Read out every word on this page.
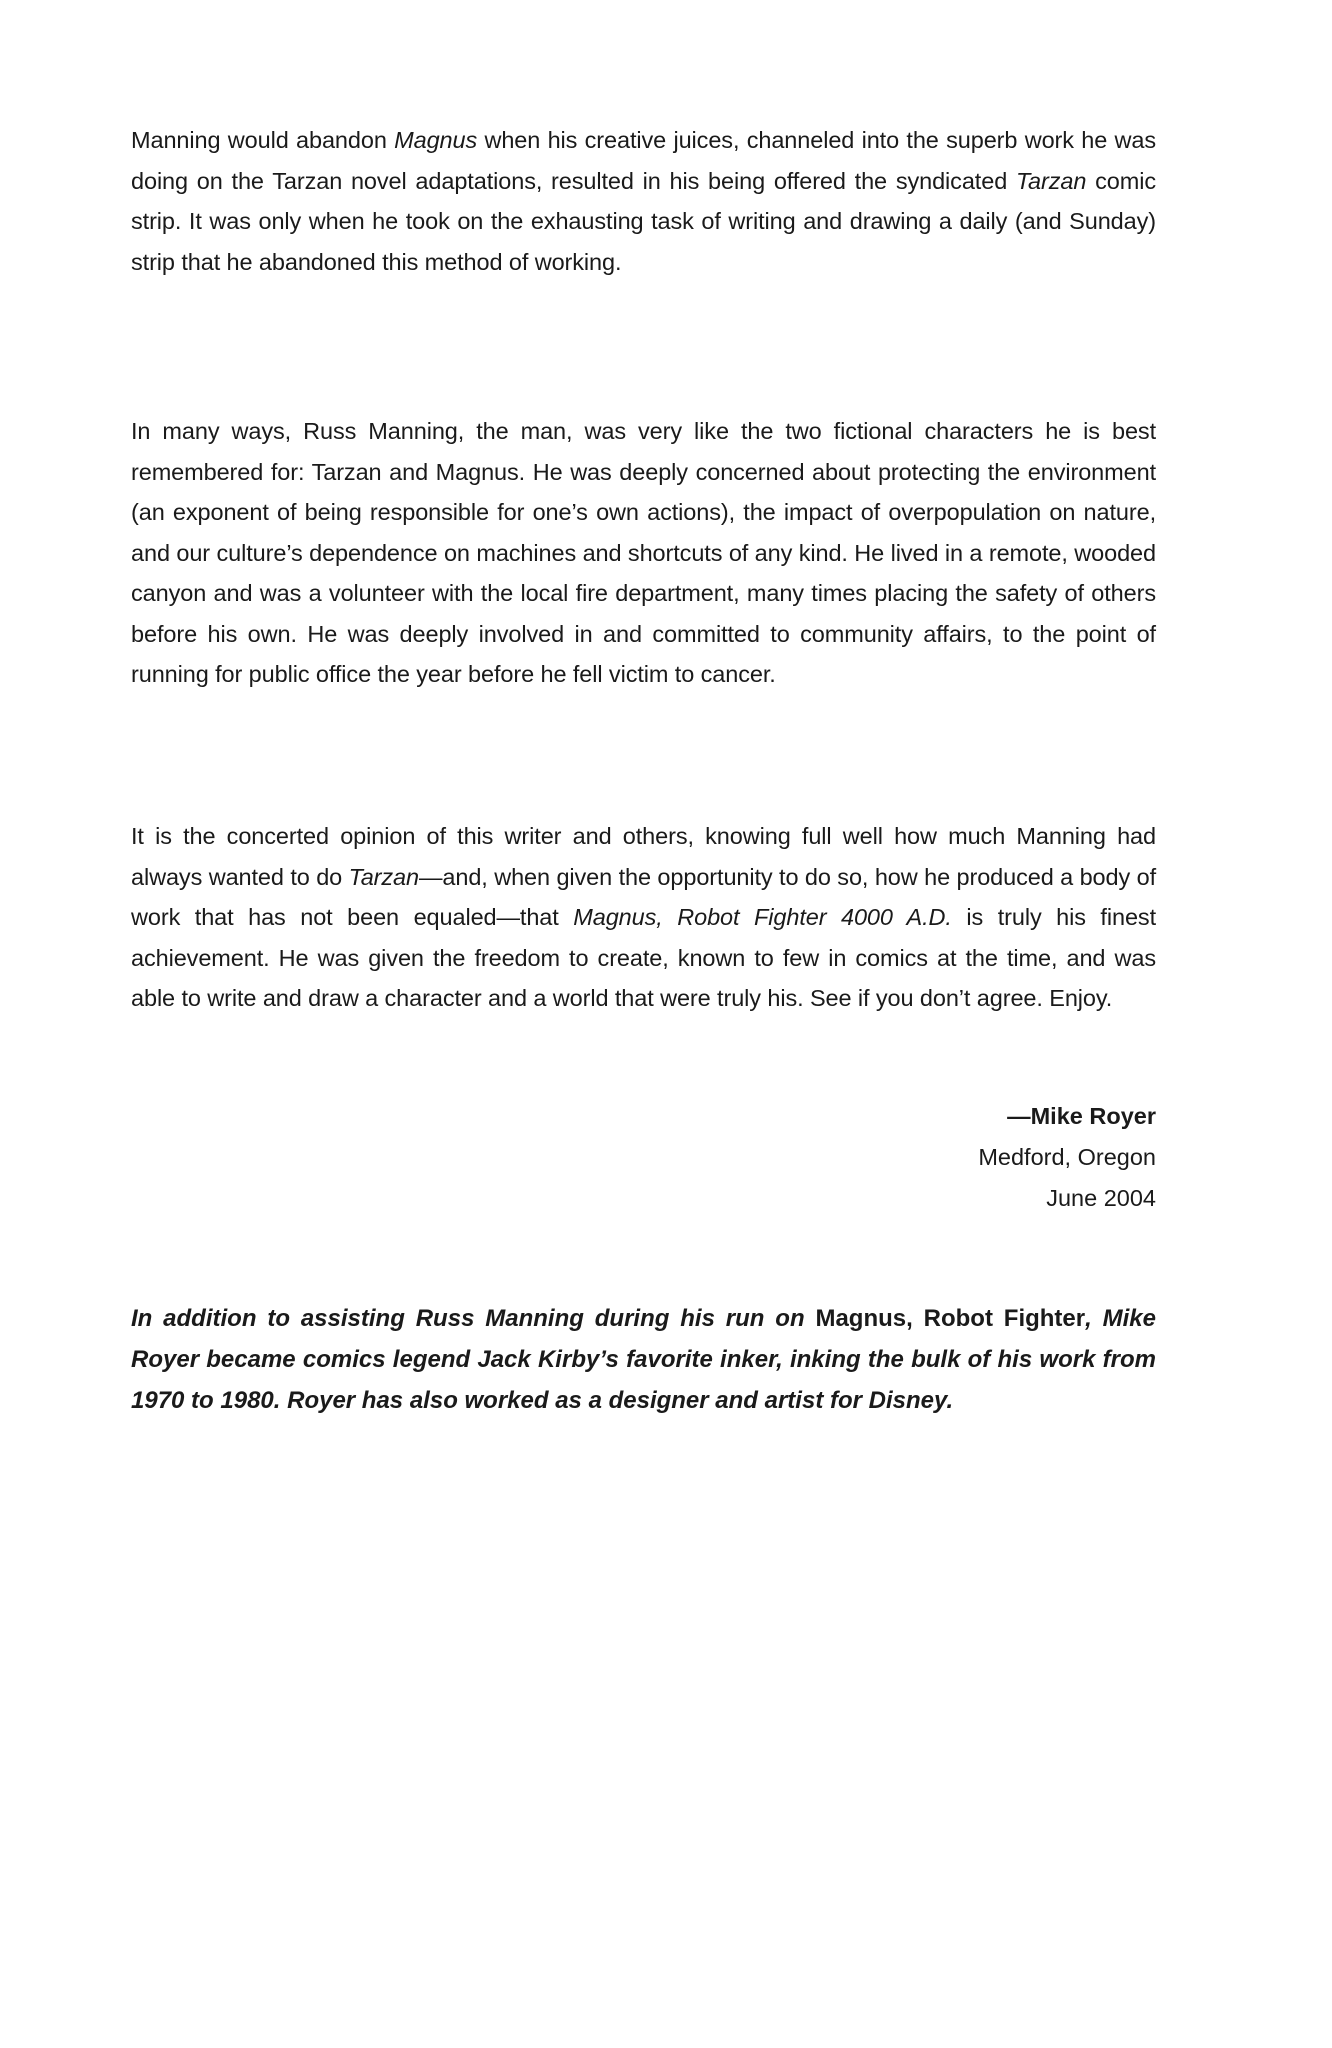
Manning would abandon Magnus when his creative juices, channeled into the superb work he was doing on the Tarzan novel adaptations, resulted in his being offered the syndicated Tarzan comic strip. It was only when he took on the exhausting task of writing and drawing a daily (and Sunday) strip that he abandoned this method of working.

In many ways, Russ Manning, the man, was very like the two fictional characters he is best remembered for: Tarzan and Magnus. He was deeply concerned about protecting the environment (an exponent of being responsible for one’s own actions), the impact of overpopulation on nature, and our culture’s dependence on machines and shortcuts of any kind. He lived in a remote, wooded canyon and was a volunteer with the local fire department, many times placing the safety of others before his own. He was deeply involved in and committed to community affairs, to the point of running for public office the year before he fell victim to cancer.

It is the concerted opinion of this writer and others, knowing full well how much Manning had always wanted to do Tarzan—and, when given the opportunity to do so, how he produced a body of work that has not been equaled—that Magnus, Robot Fighter 4000 A.D. is truly his finest achievement. He was given the freedom to create, known to few in comics at the time, and was able to write and draw a character and a world that were truly his. See if you don’t agree. Enjoy.

—Mike Royer
Medford, Oregon
June 2004

In addition to assisting Russ Manning during his run on Magnus, Robot Fighter, Mike Royer became comics legend Jack Kirby’s favorite inker, inking the bulk of his work from 1970 to 1980. Royer has also worked as a designer and artist for Disney.
